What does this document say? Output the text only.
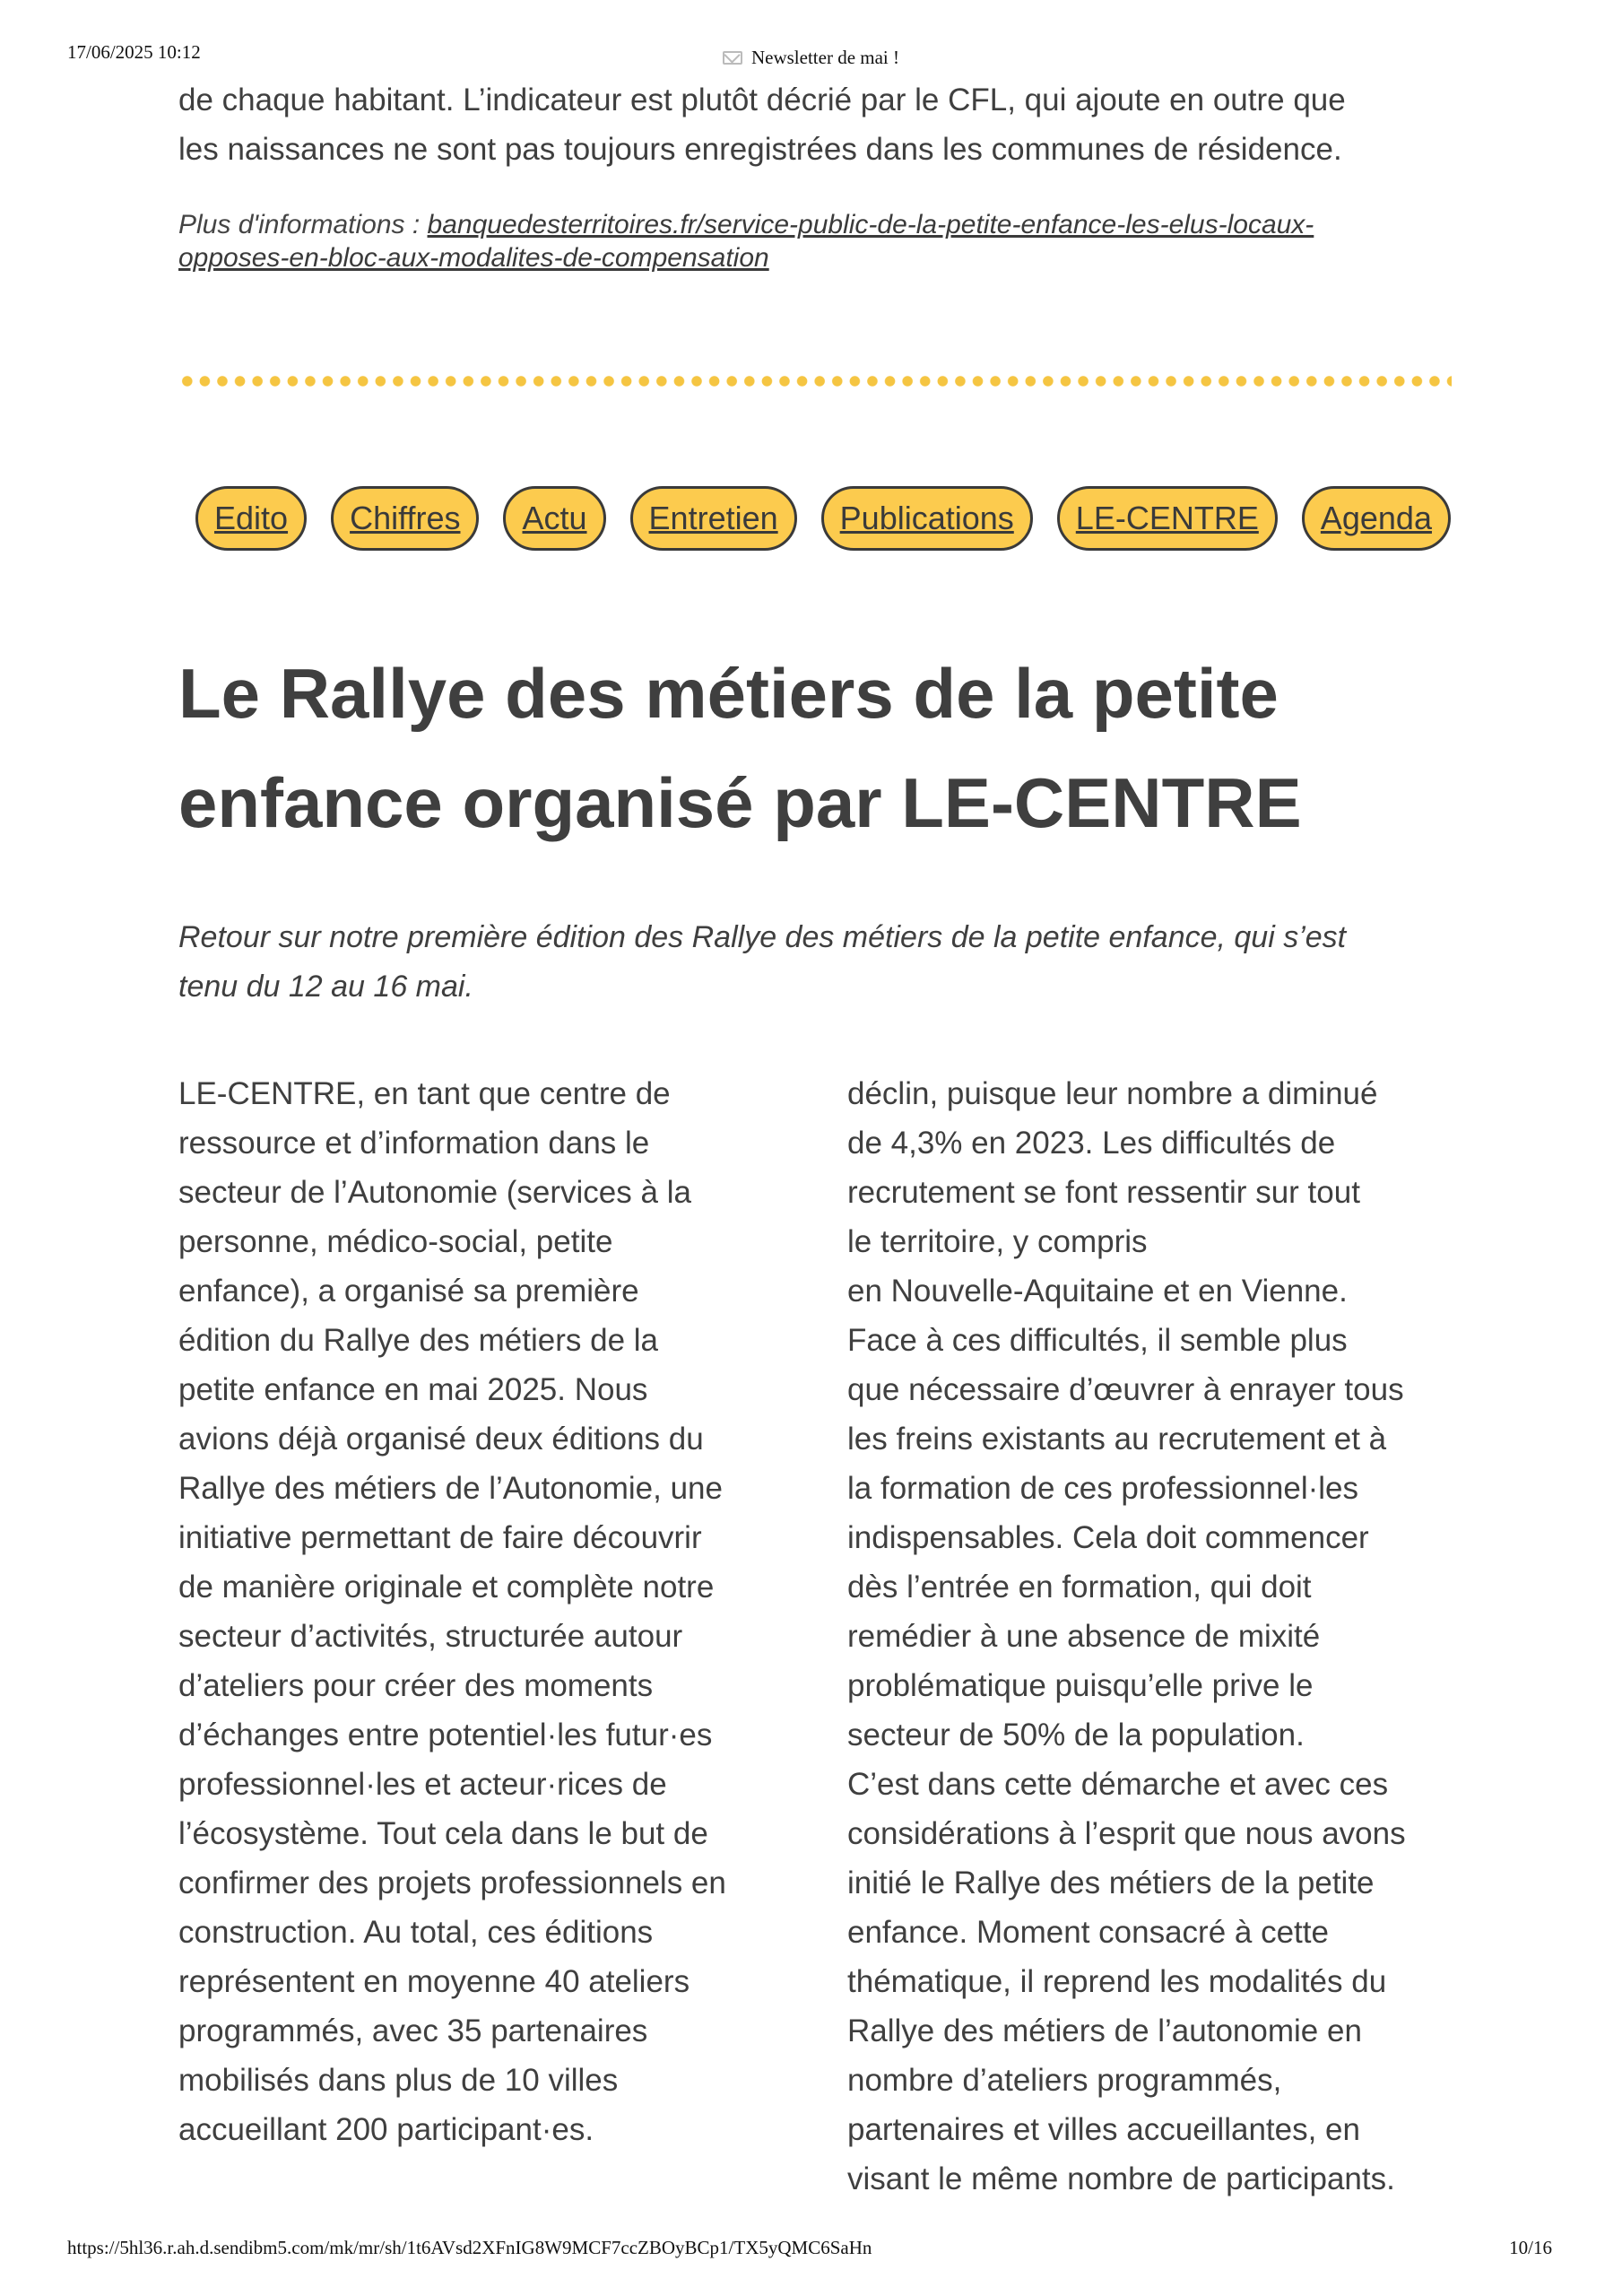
17/06/2025 10:12	Newsletter de mai !
de chaque habitant. L’indicateur est plutôt décrié par le CFL, qui ajoute en outre que
les naissances ne sont pas toujours enregistrées dans les communes de résidence.
Plus d'informations : banquedesterritoires.fr/service-public-de-la-petite-enfance-les-elus-locaux-
opposes-en-bloc-aux-modalites-de-compensation
Edito	Chiffres	Actu	Entretien	Publications	LE-CENTRE	Agenda
Le Rallye des métiers de la petite
enfance organisé par LE-CENTRE
Retour sur notre première édition des Rallye des métiers de la petite enfance, qui s’est
tenu du 12 au 16 mai.
LE-CENTRE, en tant que centre de
ressource et d’information dans le
secteur de l’Autonomie (services à la
personne, médico-social, petite
enfance), a organisé sa première
édition du Rallye des métiers de la
petite enfance en mai 2025. Nous
avions déjà organisé deux éditions du
Rallye des métiers de l’Autonomie, une
initiative permettant de faire découvrir
de manière originale et complète notre
secteur d’activités, structurée autour
d’ateliers pour créer des moments
d’échanges entre potentiel·les futur·es
professionnel·les et acteur·rices de
l’écosystème. Tout cela dans le but de
confirmer des projets professionnels en
construction. Au total, ces éditions
représentent en moyenne 40 ateliers
programmés, avec 35 partenaires
mobilisés dans plus de 10 villes
accueillant 200 participant·es.
déclin, puisque leur nombre a diminué
de 4,3% en 2023. Les difficultés de
recrutement se font ressentir sur tout
le territoire, y compris
en Nouvelle-Aquitaine et en Vienne.
Face à ces difficultés, il semble plus
que nécessaire d’œuvrer à enrayer tous
les freins existants au recrutement et à
la formation de ces professionnel·les
indispensables. Cela doit commencer
dès l’entrée en formation, qui doit
remédier à une absence de mixité
problématique puisqu’elle prive le
secteur de 50% de la population.
C’est dans cette démarche et avec ces
considérations à l’esprit que nous avons
initié le Rallye des métiers de la petite
enfance. Moment consacré à cette
thématique, il reprend les modalités du
Rallye des métiers de l’autonomie en
nombre d’ateliers programmés,
partenaires et villes accueillantes, en
visant le même nombre de participants.
https://5hl36.r.ah.d.sendibm5.com/mk/mr/sh/1t6AVsd2XFnIG8W9MCF7ccZBOyBCp1/TX5yQMC6SaHn	10/16
